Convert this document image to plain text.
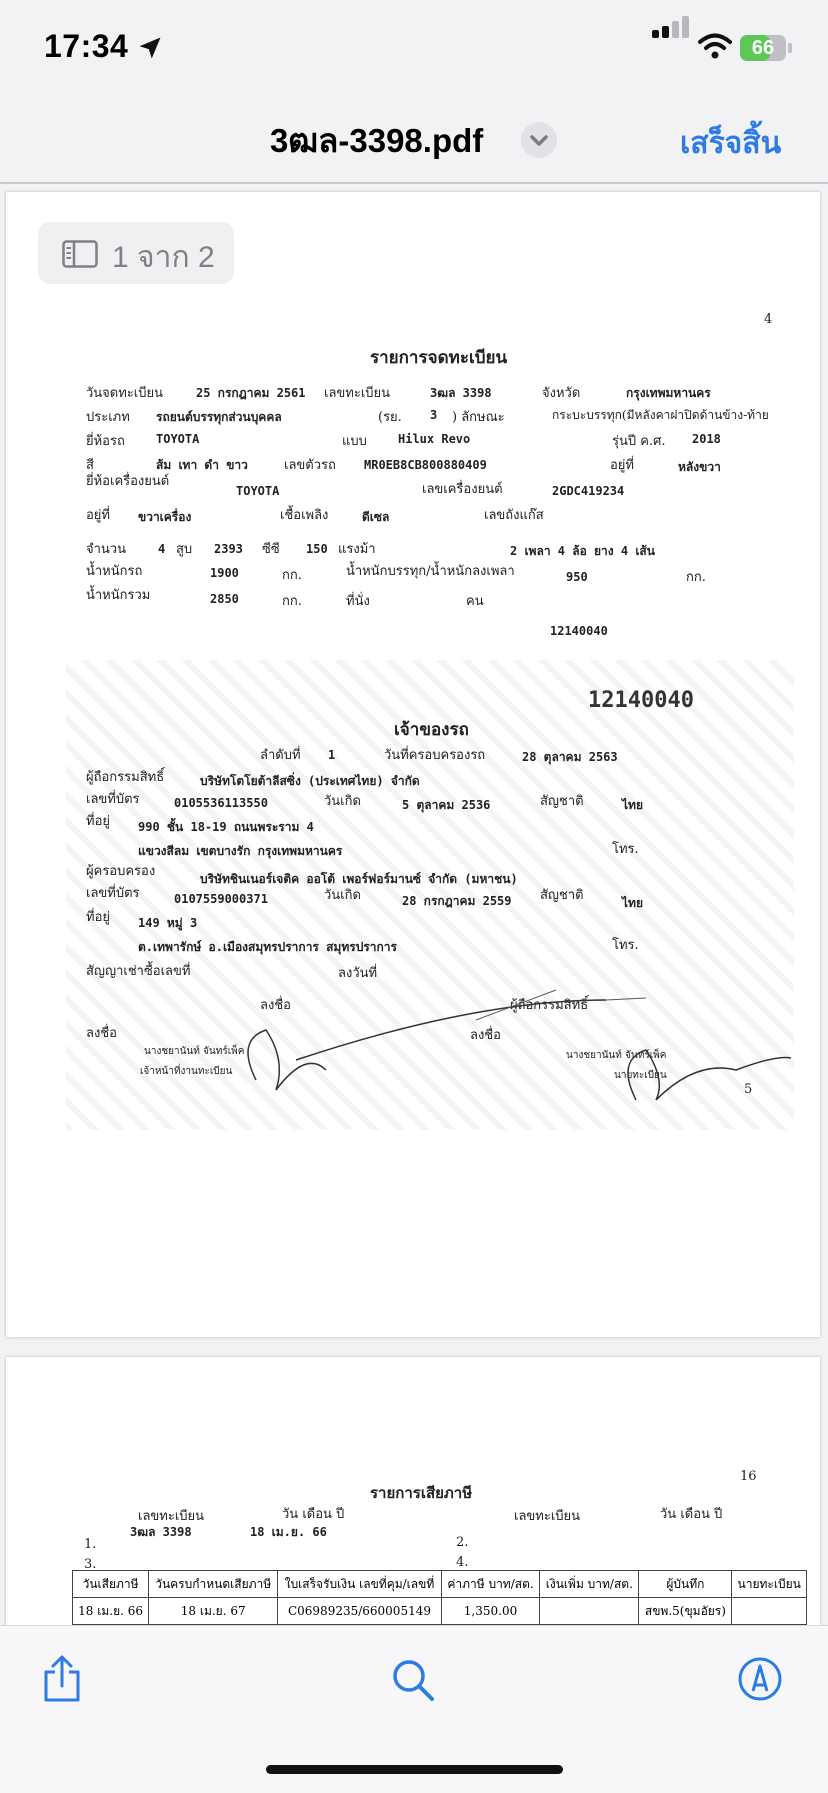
17:34	66
3ฒล-3398.pdf	เสร็จสิ้น
4
รายการจดทะเบียน
วันจดทะเบียน	25 กรกฎาคม 2561 เลขทะเบียน	3ฒล 3398	จังหวัด	กรุงเทพมหานคร
ประเภท รถยนต์บรรทุกส่วนบุคคล	(รย. 3 ) ลักษณะ	กระบะบรรทุก(มีหลังคาฝาปิดด้านข้าง-ท้าย
ยี่ห้อรถ	TOYOTA	แบบ	Hilux Revo	รุ่นปี ค.ศ. 2018
สี	ส้ม เทา ดำ ขาว	เลขตัวรถ MR0EB8CB800880409	อยู่ที่	หลังขวา
ยี่ห้อเครื่องยนต์
TOYOTA	เลขเครื่องยนต์	2GDC419234
อยู่ที่ ขวาเครื่อง	เชื้อเพลิง	ดีเซล	เลขถังแก๊ส
จำนวน	4 สูบ 2393 ซีซี 150 แรงม้า	2 เพลา 4 ล้อ ยาง 4 เส้น
น้ำหนักรถ	1900	กก.	น้ำหนักบรรทุก/น้ำหนักลงเพลา	950	กก.
น้ำหนักรวม	2850	กก.	ที่นั่ง	คน
12140040
12140040
เจ้าของรถ
ลำดับที่ 1	วันที่ครอบครองรถ	28 ตุลาคม 2563
ผู้ถือกรรมสิทธิ์	บริษัทโตโยต้าลีสซิ่ง (ประเทศไทย) จำกัด
เลขที่บัตร	0105536113550	วันเกิด	5 ตุลาคม 2536	สัญชาติ	ไทย
ที่อยู่ 990 ชั้น 18-19 ถนนพระราม 4
แขวงสีลม เขตบางรัก กรุงเทพมหานคร	โทร.
ผู้ครอบครอง	บริษัทชินเนอร์เจติค ออโต้ เพอร์ฟอร์มานซ์ จำกัด (มหาชน)
เลขที่บัตร	0107559000371	วันเกิด	28 กรกฎาคม 2559 สัญชาติ	ไทย
ที่อยู่ 149 หมู่ 3
ต.เทพารักษ์ อ.เมืองสมุทรปราการ สมุทรปราการ	โทร.
สัญญาเช่าซื้อเลขที่	ลงวันที่
ลงชื่อ	ผู้ถือกรรมสิทธิ์
ลงชื่อ	ลงชื่อ
นางชยานันท์ จันทร์เพ็ค	นางชยานันท์ จันทร์เพ็ค
เจ้าหน้าที่งานทะเบียน	นายทะเบียน
5
1 จาก 2
16
รายการเสียภาษี
เลขทะเบียน	วัน เดือน ปี	เลขทะเบียน	วัน เดือน ปี
3ฒล 3398	18 เม.ย. 66
1.	2.
3.	4.
วันเสียภาษี	วันครบกำหนดเสียภาษี	ใบเสร็จรับเงิน เลขที่คุม/เลขที่	ค่าภาษี บาท/สต.	เงินเพิ่ม บาท/สต.	ผู้บันทึก	นายทะเบียน
18 เม.ย. 66	18 เม.ย. 67	C06989235/660005149	1,350.00		สขพ.5(ขุมอัยร)	
